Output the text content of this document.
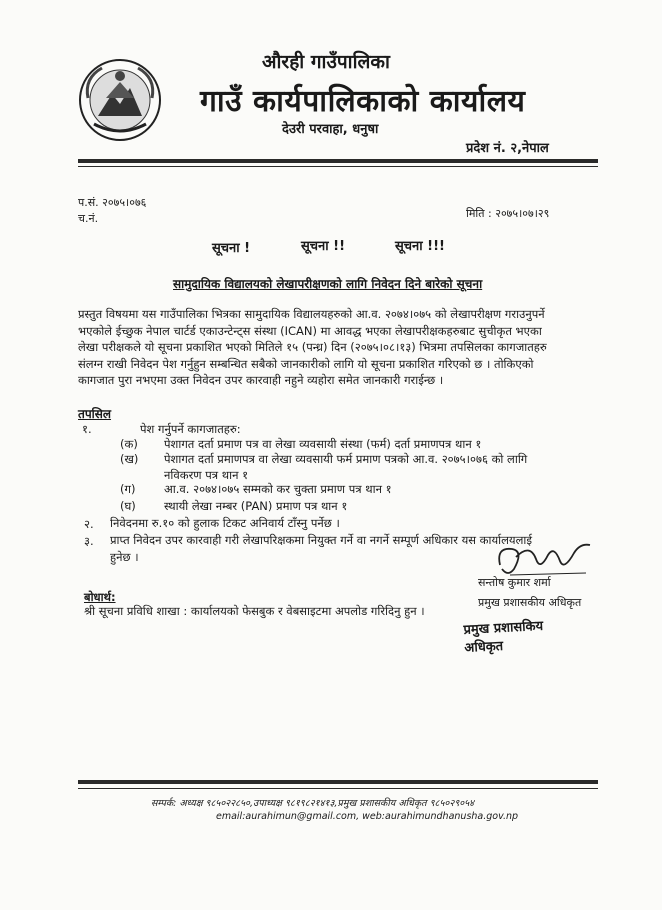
औरही गाउँपालिका
गाउँ कार्यपालिकाको कार्यालय
देउरी परवाहा, धनुषा
प्रदेश नं. २,नेपाल
प.सं. २०७५।०७६
च.नं.	मिति : २०७५।०७।२९
सूचना !	सूचना !!	सूचना !!!
सामुदायिक विद्यालयको लेखापरीक्षणको लागि निवेदन दिने बारेको सूचना
प्रस्तुत विषयमा यस गाउँपालिका भित्रका सामुदायिक विद्यालयहरुको आ.व. २०७४।०७५ को लेखापरीक्षण गराउनुपर्ने
भएकोले ईच्छुक नेपाल चार्टर्ड एकाउन्टेन्ट्स संस्था (ICAN) मा आवद्ध भएका लेखापरीक्षकहरुबाट सुचीकृत भएका
लेखा परीक्षकले यो सूचना प्रकाशित भएको मितिले १५ (पन्ध्र) दिन (२०७५।०८।१३) भित्रमा तपसिलका कागजातहरु
संलग्न राखी निवेदन पेश गर्नुहुन सम्बन्धित सबैको जानकारीको लागि यो सूचना प्रकाशित गरिएको छ । तोकिएको
कागजात पुरा नभएमा उक्त निवेदन उपर कारवाही नहुने व्यहोरा समेत जानकारी गराईन्छ ।
तपसिल
१.	पेश गर्नुपर्ने कागजातहरु:
(क) पेशागत दर्ता प्रमाण पत्र वा लेखा व्यवसायी संस्था (फर्म) दर्ता प्रमाणपत्र थान १
(ख) पेशागत दर्ता प्रमाणपत्र वा लेखा व्यवसायी फर्म प्रमाण पत्रको आ.व. २०७५।०७६ को लागि
नविकरण पत्र थान १
(ग) आ.व. २०७४।०७५ सम्मको कर चुक्ता प्रमाण पत्र थान १
(घ) स्थायी लेखा नम्बर (PAN) प्रमाण पत्र थान १
२. निवेदनमा रु.१० को हुलाक टिकट अनिवार्य टाँस्नु पर्नेछ ।
३. प्राप्त निवेदन उपर कारवाही गरी लेखापरिक्षकमा नियुक्त गर्ने वा नगर्ने सम्पूर्ण अधिकार यस कार्यालयलाई
हुनेछ ।
सन्तोष कुमार शर्मा
प्रमुख प्रशासकीय अधिकृत
बोधार्थ:
श्री सूचना प्रविधि शाखा : कार्यालयको फेसबुक र वेबसाइटमा अपलोड गरिदिनु हुन ।
प्रमुख प्रशासकिय अधिकृत
सम्पर्क: अध्यक्ष ९८५०२२८५०,उपाध्यक्ष ९८१९८२१४१३,प्रमुख प्रशासकीय अधिकृत ९८५०२९०५४
email:aurahimun@gmail.com, web:aurahimundhanusha.gov.np
